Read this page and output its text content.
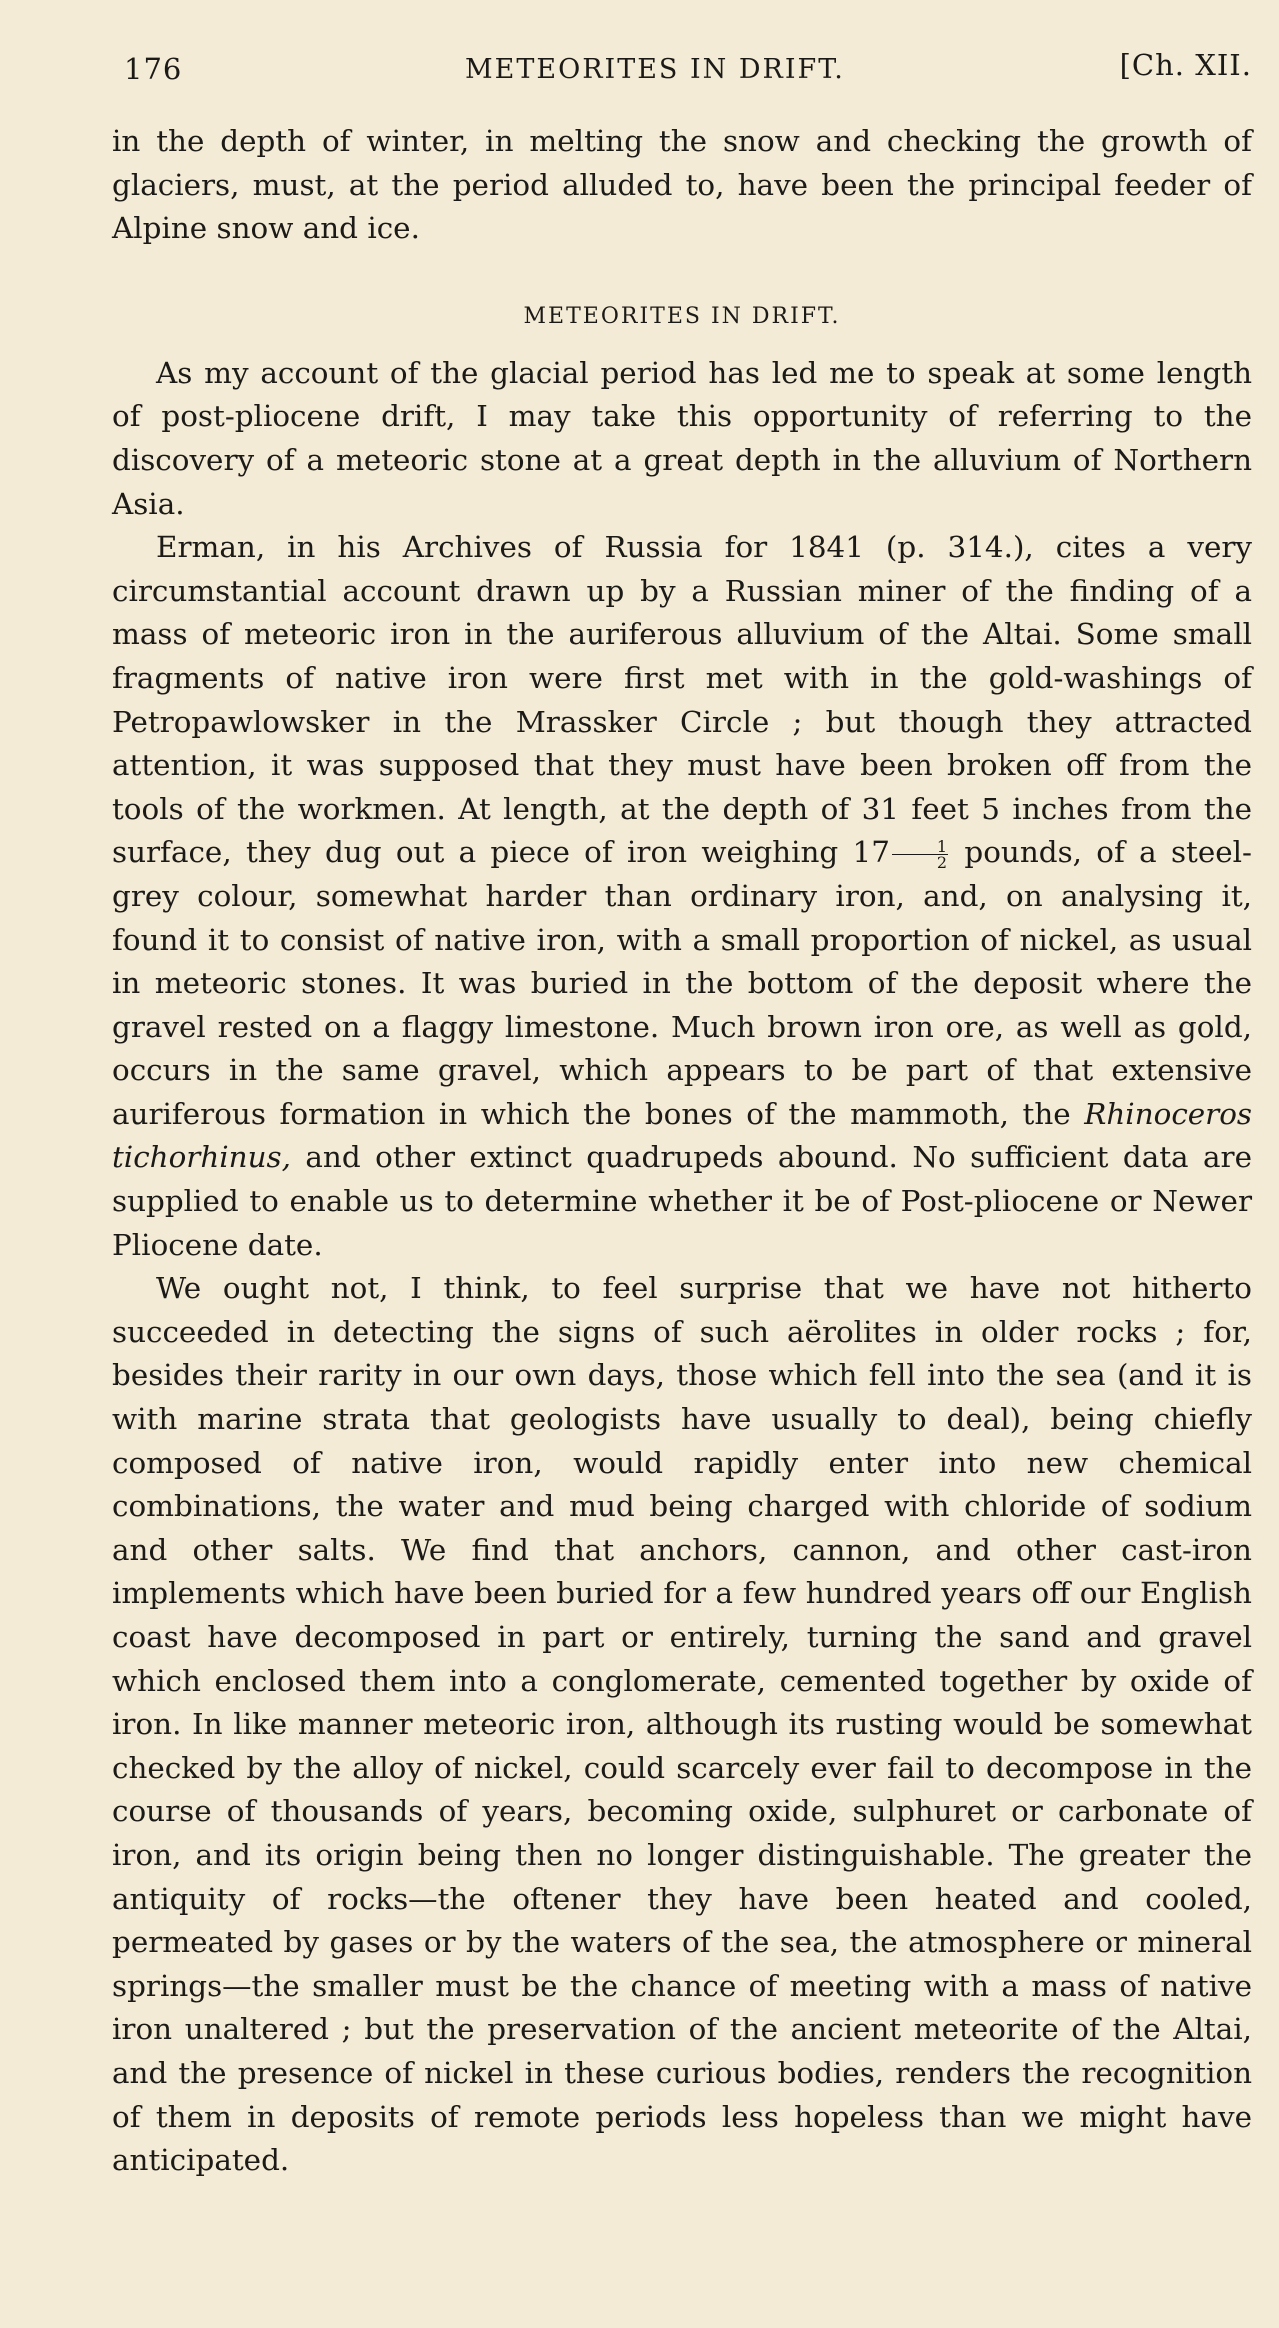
176	METEORITES IN DRIFT.	[Ch. XII.

in the depth of winter, in melting the snow and checking the growth of glaciers, must, at the period alluded to, have been the principal feeder of Alpine snow and ice.

METEORITES IN DRIFT.

As my account of the glacial period has led me to speak at some length of post-pliocene drift, I may take this opportunity of referring to the discovery of a meteoric stone at a great depth in the alluvium of Northern Asia.

Erman, in his Archives of Russia for 1841 (p. 314.), cites a very circumstantial account drawn up by a Russian miner of the finding of a mass of meteoric iron in the auriferous alluvium of the Altai. Some small fragments of native iron were first met with in the gold-washings of Petropawlowsker in the Mrassker Circle ; but though they attracted attention, it was supposed that they must have been broken off from the tools of the workmen. At length, at the depth of 31 feet 5 inches from the surface, they dug out a piece of iron weighing $17 \frac{1}{2}$ pounds, of a steel-grey colour, somewhat harder than ordinary iron, and, on analysing it, found it to consist of native iron, with a small proportion of nickel, as usual in meteoric stones. It was buried in the bottom of the deposit where the gravel rested on a flaggy limestone. Much brown iron ore, as well as gold, occurs in the same gravel, which appears to be part of that extensive auriferous formation in which the bones of the mammoth, the Rhinoceros tichorhinus, and other extinct quadrupeds abound. No sufficient data are supplied to enable us to determine whether it be of Post-pliocene or Newer Pliocene date.

We ought not, I think, to feel surprise that we have not hitherto succeeded in detecting the signs of such aërolites in older rocks ; for, besides their rarity in our own days, those which fell into the sea (and it is with marine strata that geologists have usually to deal), being chiefly composed of native iron, would rapidly enter into new chemical combinations, the water and mud being charged with chloride of sodium and other salts. We find that anchors, cannon, and other cast-iron implements which have been buried for a few hundred years off our English coast have decomposed in part or entirely, turning the sand and gravel which enclosed them into a conglomerate, cemented together by oxide of iron. In like manner meteoric iron, although its rusting would be somewhat checked by the alloy of nickel, could scarcely ever fail to decompose in the course of thousands of years, becoming oxide, sulphuret or carbonate of iron, and its origin being then no longer distinguishable. The greater the antiquity of rocks—the oftener they have been heated and cooled, permeated by gases or by the waters of the sea, the atmosphere or mineral springs—the smaller must be the chance of meeting with a mass of native iron unaltered ; but the preservation of the ancient meteorite of the Altai, and the presence of nickel in these curious bodies, renders the recognition of them in deposits of remote periods less hopeless than we might have anticipated.
